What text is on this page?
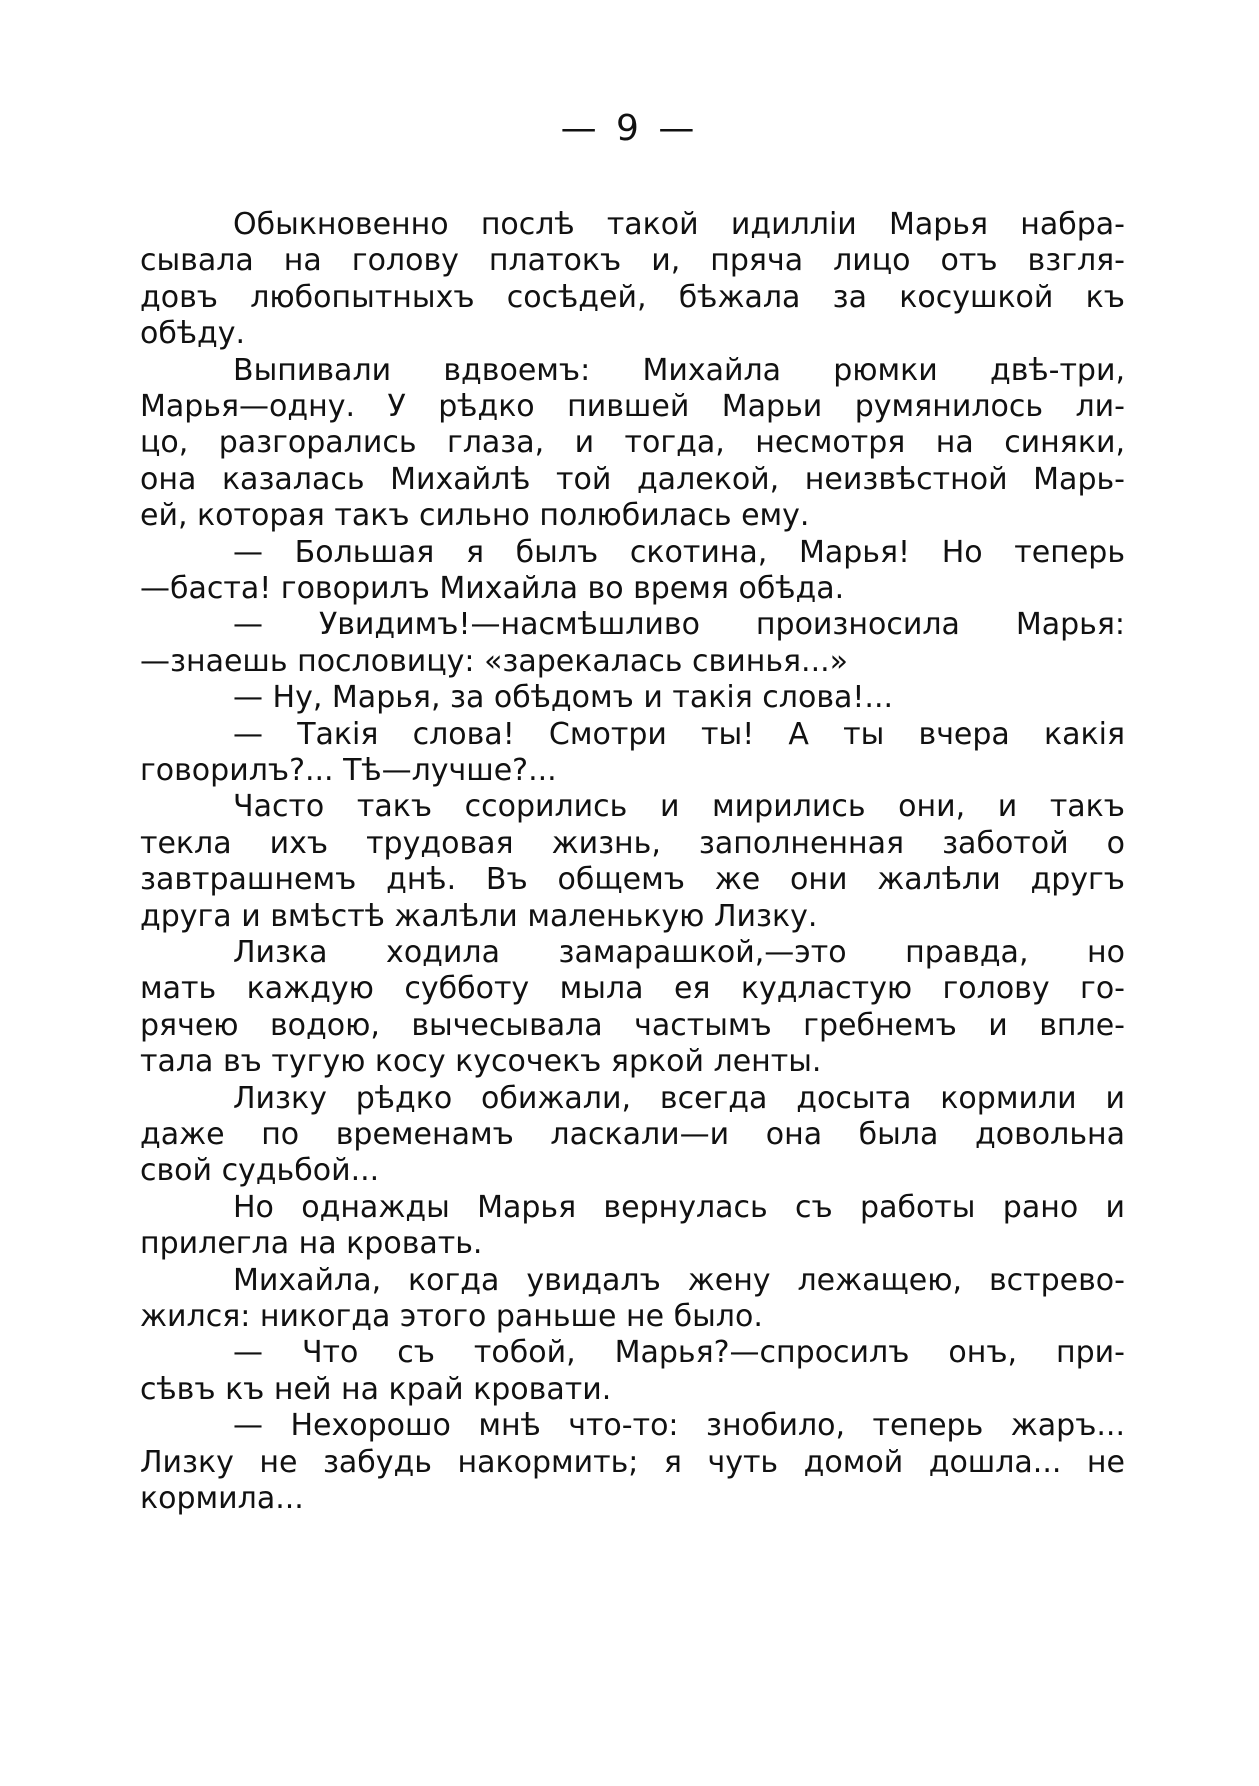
— 9 —
Обыкновенно послѣ такой идилліи Марья набра-
сывала на голову платокъ и, пряча лицо отъ взгля-
довъ любопытныхъ сосѣдей, бѣжала за косушкой къ
обѣду.
Выпивали вдвоемъ: Михайла рюмки двѣ-три,
Марья—одну. У рѣдко пившей Марьи румянилось ли-
цо, разгорались глаза, и тогда, несмотря на синяки,
она казалась Михайлѣ той далекой, неизвѣстной Марь-
ей, которая такъ сильно полюбилась ему.
— Большая я былъ скотина, Марья! Но теперь
—баста! говорилъ Михайла во время обѣда.
— Увидимъ!—насмѣшливо произносила Марья:
—знаешь пословицу: «зарекалась свинья...»
— Ну, Марья, за обѣдомъ и такія слова!...
— Такія слова! Смотри ты! А ты вчера какія
говорилъ?... Тѣ—лучше?...
Часто такъ ссорились и мирились они, и такъ
текла ихъ трудовая жизнь, заполненная заботой о
завтрашнемъ днѣ. Въ общемъ же они жалѣли другъ
друга и вмѣстѣ жалѣли маленькую Лизку.
Лизка ходила замарашкой,—это правда, но
мать каждую субботу мыла ея кудластую голову го-
рячею водою, вычесывала частымъ гребнемъ и впле-
тала въ тугую косу кусочекъ яркой ленты.
Лизку рѣдко обижали, всегда досыта кормили и
даже по временамъ ласкали—и она была довольна
свой судьбой...
Но однажды Марья вернулась съ работы рано и
прилегла на кровать.
Михайла, когда увидалъ жену лежащею, встрево-
жился: никогда этого раньше не было.
— Что съ тобой, Марья?—спросилъ онъ, при-
сѣвъ къ ней на край кровати.
— Нехорошо мнѣ что-то: знобило, теперь жаръ...
Лизку не забудь накормить; я чуть домой дошла... не
кормила...
